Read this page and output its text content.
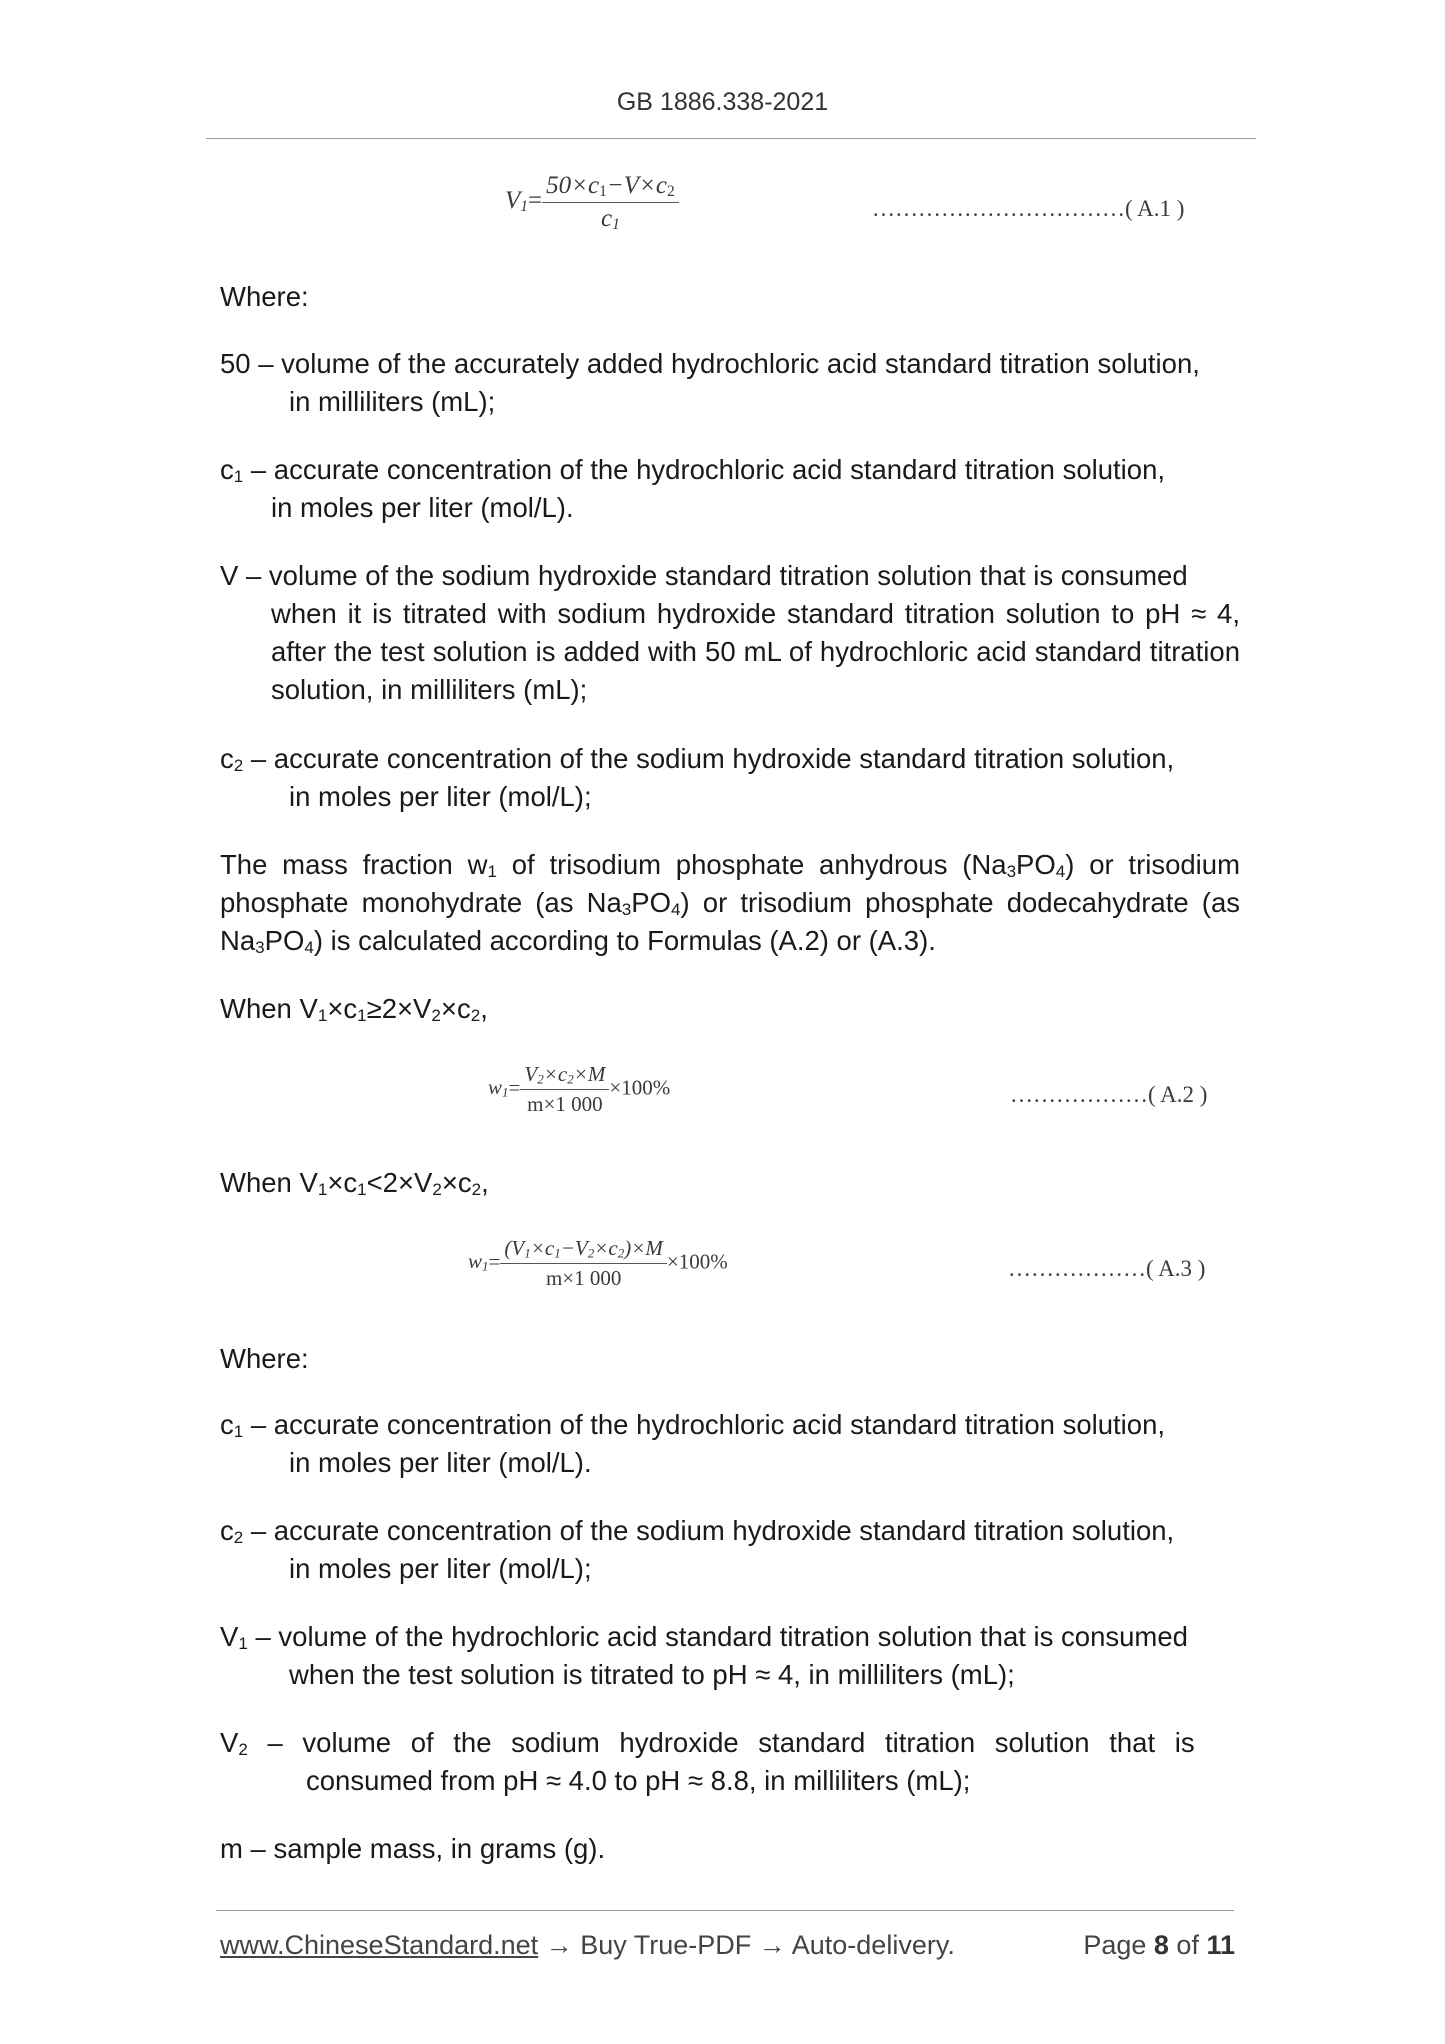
GB 1886.338-2021
$V_1= \frac{50\times c_1-V\times c_2}{c_1}$	……………………………( A.1 )
Where:
50 – volume of the accurately added hydrochloric acid standard titration solution,
in milliliters (mL);
$c_1$ – accurate concentration of the hydrochloric acid standard titration solution,
in moles per liter (mol/L).
V – volume of the sodium hydroxide standard titration solution that is consumed
when it is titrated with sodium hydroxide standard titration solution to pH ≈ 4, after the test solution is added with 50 mL of hydrochloric acid standard titration solution, in milliliters (mL);
$c_2$ – accurate concentration of the sodium hydroxide standard titration solution,
in moles per liter (mol/L);
The mass fraction $w_1$ of trisodium phosphate anhydrous $(Na_3PO_4)$ or trisodium phosphate monohydrate (as $Na_3PO_4$) or trisodium phosphate dodecahydrate (as $Na_3PO_4$) is calculated according to Formulas (A.2) or (A.3).
When $V_1\times c_1\ge 2\times V_2\times c_2$,
$w_1= \frac{V_2\times c_2\times M}{m\times 1 000} \times 100\%$	………………( A.2 )
When $V_1\times c_1<2\times V_2\times c_2$,
$w_1= \frac{(V_1\times c_1-V_2\times c_2)\times M}{m\times 1 000} \times 100\%$	………………( A.3 )
Where:
$c_1$ – accurate concentration of the hydrochloric acid standard titration solution,
in moles per liter (mol/L).
$c_2$ – accurate concentration of the sodium hydroxide standard titration solution,
in moles per liter (mol/L);
$V_1$ – volume of the hydrochloric acid standard titration solution that is consumed
when the test solution is titrated to pH ≈ 4, in milliliters (mL);
$V_2$ – volume of the sodium hydroxide standard titration solution that is
consumed from pH ≈ 4.0 to pH ≈ 8.8, in milliliters (mL);
m – sample mass, in grams (g).
www.ChineseStandard.net → Buy True-PDF → Auto-delivery.	Page 8 of 11
